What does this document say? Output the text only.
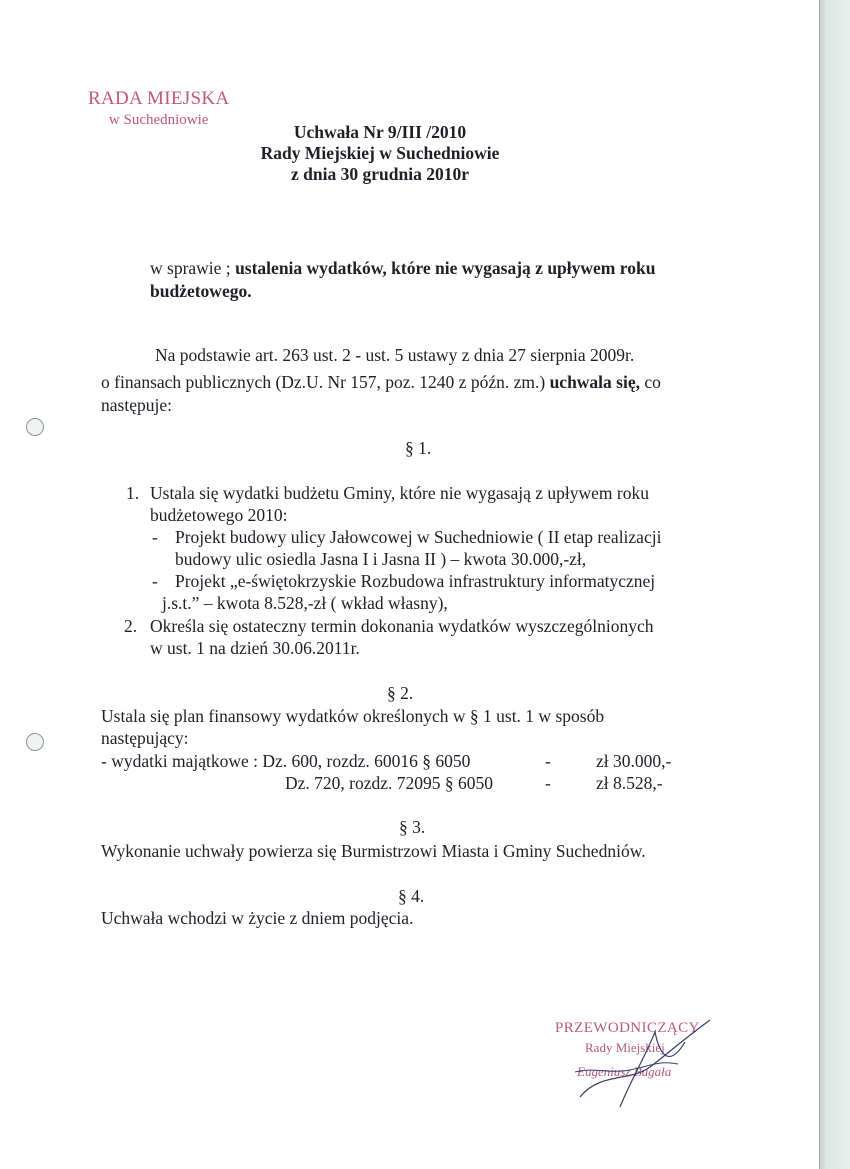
RADA MIEJSKA
w Suchedniowie
Uchwała Nr 9/III /2010
Rady Miejskiej w Suchedniowie
z dnia 30 grudnia 2010r
w sprawie ; ustalenia wydatków, które nie wygasają z upływem roku
budżetowego.
Na podstawie art. 263 ust. 2 - ust. 5 ustawy z dnia 27 sierpnia 2009r.
o finansach publicznych (Dz.U. Nr 157, poz. 1240 z późn. zm.) uchwala się, co
następuje:
§ 1.
1. Ustala się wydatki budżetu Gminy, które nie wygasają z upływem roku
budżetowego 2010:
- Projekt budowy ulicy Jałowcowej w Suchedniowie ( II etap realizacji
budowy ulic osiedla Jasna I i Jasna II ) – kwota 30.000,-zł,
- Projekt „e-świętokrzyskie Rozbudowa infrastruktury informatycznej
j.s.t.” – kwota 8.528,-zł ( wkład własny),
2. Określa się ostateczny termin dokonania wydatków wyszczególnionych
w ust. 1 na dzień 30.06.2011r.
§ 2.
Ustala się plan finansowy wydatków określonych w § 1 ust. 1 w sposób
następujący:
- wydatki majątkowe : Dz. 600, rozdz. 60016 § 6050	-	zł 30.000,-
Dz. 720, rozdz. 72095 § 6050	-	zł 8.528,-
§ 3.
Wykonanie uchwały powierza się Burmistrzowi Miasta i Gminy Suchedniów.
§ 4.
Uchwała wchodzi w życie z dniem podjęcia.
PRZEWODNICZĄCY
Rady Miejskiej
Eugeniusz Bugała
